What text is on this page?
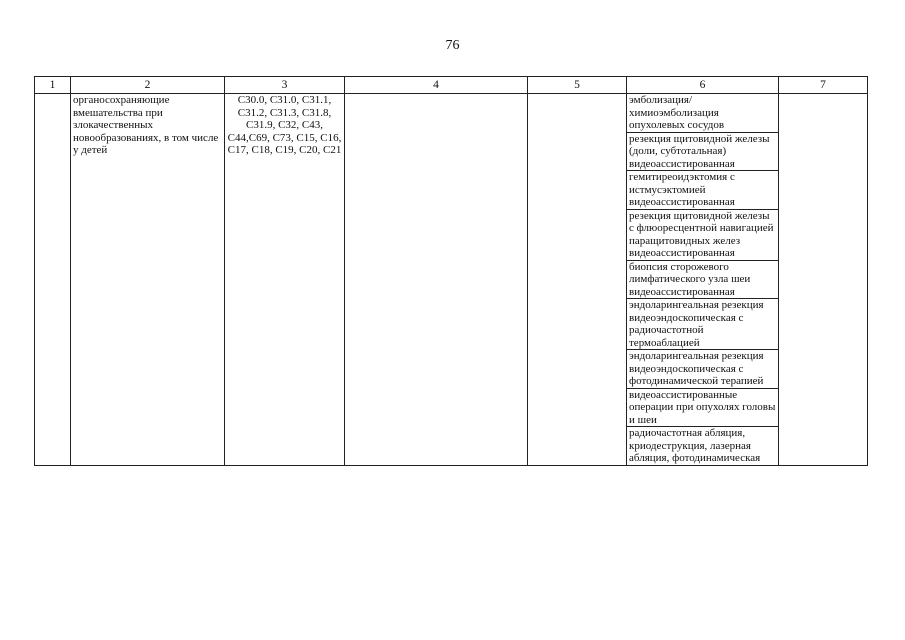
76
1	2	3	4	5	6	7
	органосохраняющие вмешательства при злокачественных новообразованиях, в том числе у детей	С30.0, С31.0, С31.1, С31.2, С31.3, С31.8, С31.9, С32, С43, С44,С69, С73, С15, С16, С17, С18, С19, С20, С21			эмболизация/химиоэмболизация опухолевых сосудов	
					резекция щитовидной железы (доли, субтотальная) видеоассистированная	
					гемитиреоидэктомия с истмусэктомией видеоассистированная	
					резекция щитовидной железы с флюоресцентной навигацией паращитовидных желез видеоассистированная	
					биопсия сторожевого лимфатического узла шеи видеоассистированная	
					эндоларингеальная резекция видеоэндоскопическая с радиочастотной термоаблацией	
					эндоларингеальная резекция видеоэндоскопическая с фотодинамической терапией	
					видеоассистированные операции при опухолях головы и шеи	
					радиочастотная абляция, криодеструкция, лазерная абляция, фотодинамическая	
